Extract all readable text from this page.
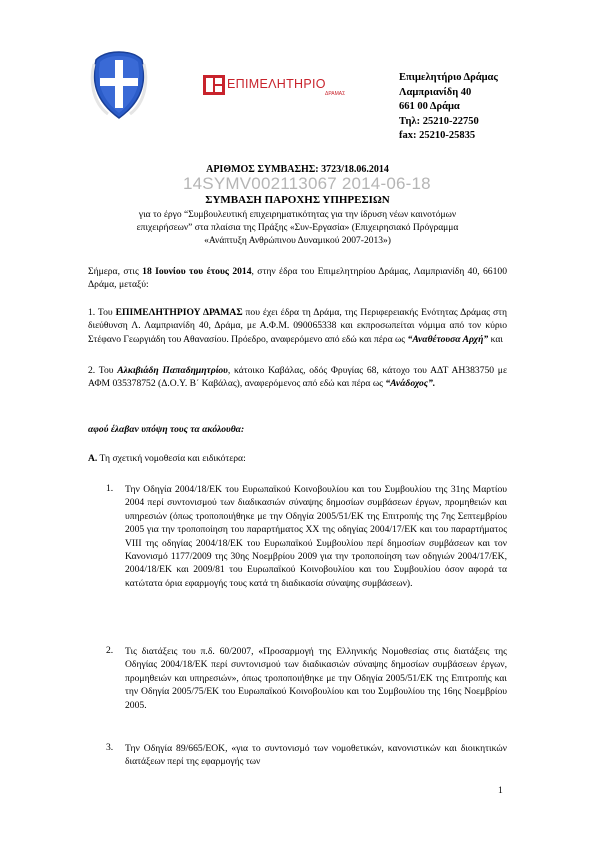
ΕΠΙΜΕΛΗΤΗΡΙΟ
ΔΡΑΜΑΣ
Επιμελητήριο Δράμας
Λαμπριανίδη 40
661 00 Δράμα
Τηλ: 25210-22750
fax: 25210-25835
ΑΡΙΘΜΟΣ ΣΥΜΒΑΣΗΣ: 3723/18.06.2014
14SYMV002113067 2014-06-18
ΣΥΜΒΑΣΗ ΠΑΡΟΧΗΣ ΥΠΗΡΕΣΙΩΝ
για το έργο “Συμβουλευτική επιχειρηματικότητας για την ίδρυση νέων καινοτόμων
επιχειρήσεων” στα πλαίσια της Πράξης «Συν-Εργασία» (Επιχειρησιακό Πρόγραμμα
«Ανάπτυξη Ανθρώπινου Δυναμικού 2007-2013»)
Σήμερα, στις 18 Ιουνίου του έτους 2014, στην έδρα του Επιμελητηρίου Δράμας, Λαμπριανίδη 40, 66100 Δράμα, μεταξύ:
1. Του ΕΠΙΜΕΛΗΤΗΡΙΟΥ ΔΡΑΜΑΣ που έχει έδρα τη Δράμα, της Περιφερειακής Ενότητας Δράμας στη διεύθυνση Λ. Λαμπριανίδη 40, Δράμα, με Α.Φ.Μ. 090065338 και εκπροσωπείται νόμιμα από τον κύριο Στέφανο Γεωργιάδη του Αθανασίου. Πρόεδρο, αναφερόμενο από εδώ και πέρα ως “Αναθέτουσα Αρχή” και
2. Του Αλκιβιάδη Παπαδημητρίου, κάτοικο Καβάλας, οδός Φρυγίας 68, κάτοχο του ΑΔΤ ΑΗ383750 με ΑΦΜ 035378752 (Δ.Ο.Υ. Β΄ Καβάλας), αναφερόμενος από εδώ και πέρα ως “Ανάδοχος”.
αφού έλαβαν υπόψη τους τα ακόλουθα:
Α. Τη σχετική νομοθεσία και ειδικότερα:
1. Την Οδηγία 2004/18/ΕΚ του Ευρωπαϊκού Κοινοβουλίου και του Συμβουλίου της 31ης Μαρτίου 2004 περί συντονισμού των διαδικασιών σύναψης δημοσίων συμβάσεων έργων, προμηθειών και υπηρεσιών (όπως τροποποιήθηκε με την Οδηγία 2005/51/ΕΚ της Επιτροπής της 7ης Σεπτεμβρίου 2005 για την τροποποίηση του παραρτήματος XX της οδηγίας 2004/17/ΕΚ και του παραρτήματος VIII της οδηγίας 2004/18/ΕΚ του Ευρωπαϊκού Συμβουλίου περί δημοσίων συμβάσεων και τον Κανονισμό 1177/2009 της 30ης Νοεμβρίου 2009 για την τροποποίηση των οδηγιών 2004/17/ΕΚ, 2004/18/ΕΚ και 2009/81 του Ευρωπαϊκού Κοινοβουλίου και του Συμβουλίου όσον αφορά τα κατώτατα όρια εφαρμογής τους κατά τη διαδικασία σύναψης συμβάσεων).
2. Τις διατάξεις του π.δ. 60/2007, «Προσαρμογή της Ελληνικής Νομοθεσίας στις διατάξεις της Οδηγίας 2004/18/ΕΚ περί συντονισμού των διαδικασιών σύναψης δημοσίων συμβάσεων έργων, προμηθειών και υπηρεσιών», όπως τροποποιήθηκε με την Οδηγία 2005/51/ΕΚ της Επιτροπής και την Οδηγία 2005/75/ΕΚ του Ευρωπαϊκού Κοινοβουλίου και του Συμβουλίου της 16ης Νοεμβρίου 2005.
3. Την Οδηγία 89/665/ΕΟΚ, «για το συντονισμό των νομοθετικών, κανονιστικών και διοικητικών διατάξεων περί της εφαρμογής των
1
